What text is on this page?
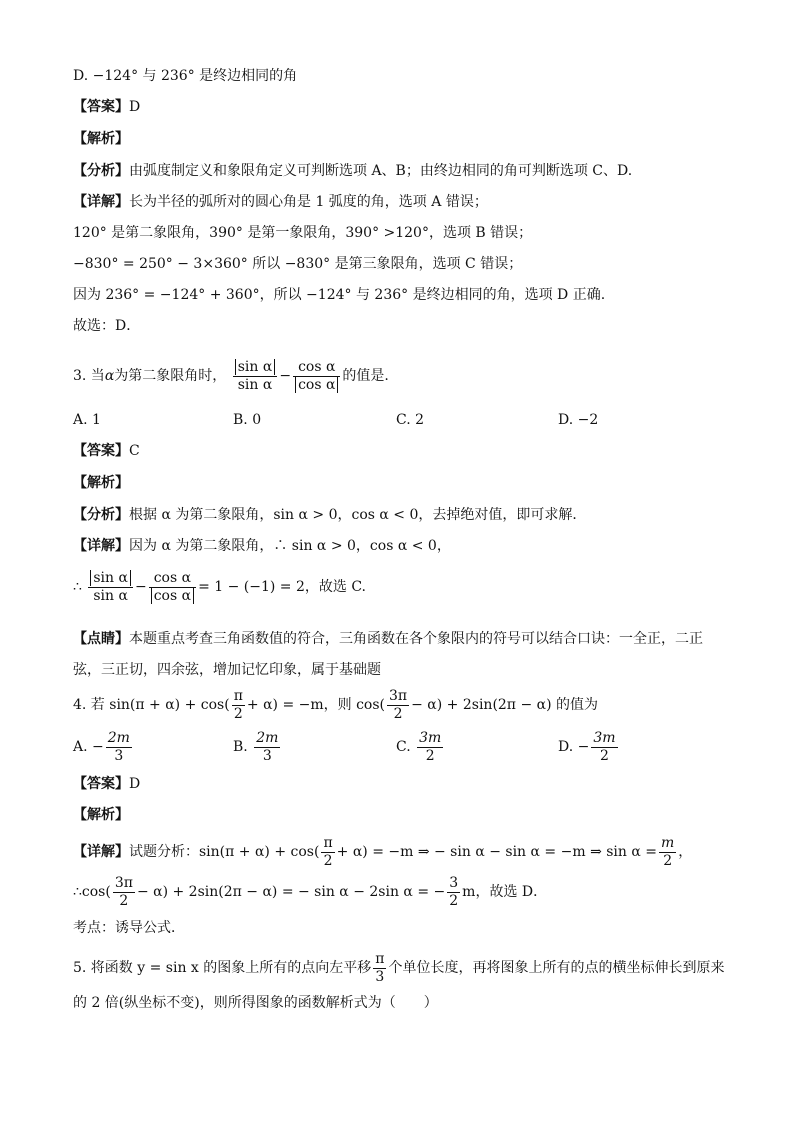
D. −124° 与 236° 是终边相同的角
【答案】D
【解析】
【分析】由弧度制定义和象限角定义可判断选项 A、B；由终边相同的角可判断选项 C、D.
【详解】长为半径的弧所对的圆心角是 1 弧度的角，选项 A 错误；
120° 是第二象限角，390° 是第一象限角，390° >120°，选项 B 错误；
−830° = 250° − 3×360° 所以 −830° 是第三象限角，选项 C 错误；
因为 236° = −124° + 360°，所以 −124° 与 236° 是终边相同的角，选项 D 正确.
故选：D．
3. 当α为第二象限角时， $\frac{\text{sin α}}{\text{sin α}} - \frac{\text{cos α}}{\text{cos α}}$ 的值是.
A. 1	B. 0	C. 2	D. −2
【答案】C
【解析】
【分析】根据 α 为第二象限角，sin α > 0，cos α < 0，去掉绝对值，即可求解．
【详解】因为 α 为第二象限角，∴ sin α > 0，cos α < 0，
∴ $\frac{\text{sin α}}{\text{sin α}} - \frac{\text{cos α}}{\text{cos α}} = 1 - (-1) = 2$，故选 C.
【点睛】本题重点考查三角函数值的符合，三角函数在各个象限内的符号可以结合口诀：一全正，二正
弦，三正切，四余弦，增加记忆印象，属于基础题
4. 若 $\sin(\pi + \alpha) + \cos( \frac{\pi}{2} + \alpha) = -m$，则 $\cos( \frac{3\pi}{2} - \alpha) + 2\sin(2\pi - \alpha)$ 的值为
A. − $\frac{2m}{3}$	B. $\frac{2m}{3}$	C. $\frac{3m}{2}$	D. − $\frac{3m}{2}$
【答案】D
【解析】
【详解】试题分析：$\sin(\pi + \alpha) + \cos( \frac{\pi}{2} + \alpha) = -m$ ⇒ − sin α − sin α = −m ⇒ $\sin \alpha = \frac{m}{2}$ ，
∴cos( $\frac{3\pi}{2} - \alpha) + 2\sin(2\pi - \alpha)$ = − sin α − 2sin α = − $\frac{3}{2}$ m，故选 D．
考点：诱导公式．
5. 将函数 y = sin x 的图象上所有的点向左平移 $\frac{\pi}{3}$ 个单位长度，再将图象上所有的点的横坐标伸长到原来
的 2 倍(纵坐标不变)，则所得图象的函数解析式为（　　）
